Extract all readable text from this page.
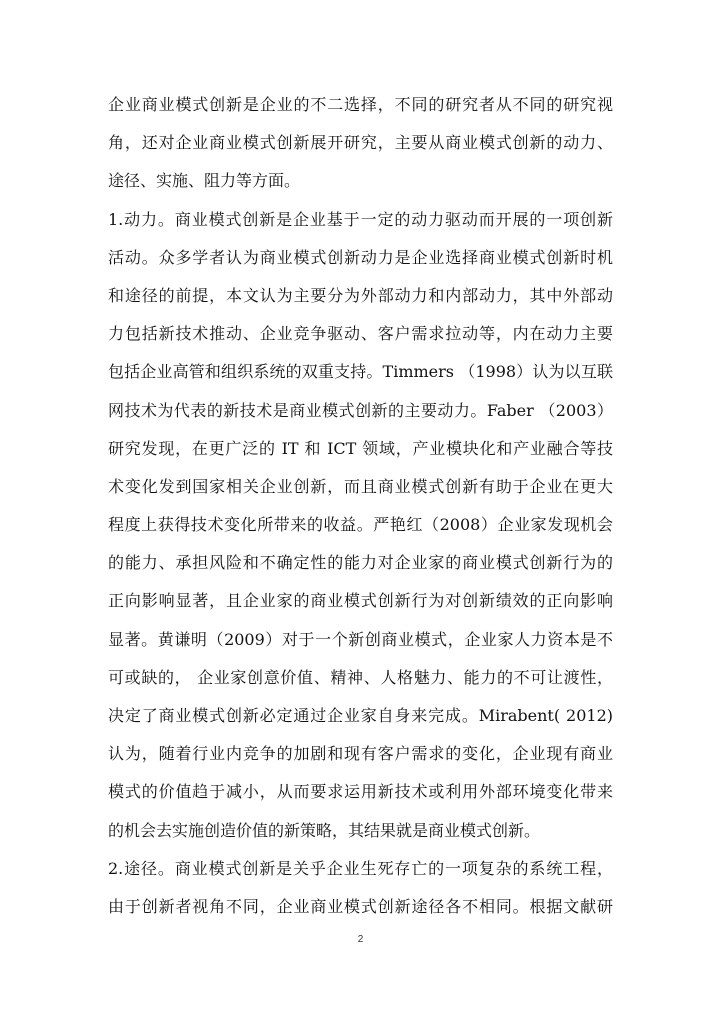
企业商业模式创新是企业的不二选择，不同的研究者从不同的研究视
角，还对企业商业模式创新展开研究，主要从商业模式创新的动力、
途径、实施、阻力等方面。
1.动力。商业模式创新是企业基于一定的动力驱动而开展的一项创新
活动。众多学者认为商业模式创新动力是企业选择商业模式创新时机
和途径的前提，本文认为主要分为外部动力和内部动力，其中外部动
力包括新技术推动、企业竞争驱动、客户需求拉动等，内在动力主要
包括企业高管和组织系统的双重支持。Timmers （1998）认为以互联
网技术为代表的新技术是商业模式创新的主要动力。Faber （2003）
研究发现，在更广泛的 IT 和 ICT 领域，产业模块化和产业融合等技
术变化发到国家相关企业创新，而且商业模式创新有助于企业在更大
程度上获得技术变化所带来的收益。严艳红（2008）企业家发现机会
的能力、承担风险和不确定性的能力对企业家的商业模式创新行为的
正向影响显著，且企业家的商业模式创新行为对创新绩效的正向影响
显著。黄谦明（2009）对于一个新创商业模式，企业家人力资本是不
可或缺的， 企业家创意价值、精神、人格魅力、能力的不可让渡性，
决定了商业模式创新必定通过企业家自身来完成。Mirabent( 2012)
认为，随着行业内竞争的加剧和现有客户需求的变化，企业现有商业
模式的价值趋于减小，从而要求运用新技术或利用外部环境变化带来
的机会去实施创造价值的新策略，其结果就是商业模式创新。
2.途径。商业模式创新是关乎企业生死存亡的一项复杂的系统工程，
由于创新者视角不同，企业商业模式创新途径各不相同。根据文献研
2
